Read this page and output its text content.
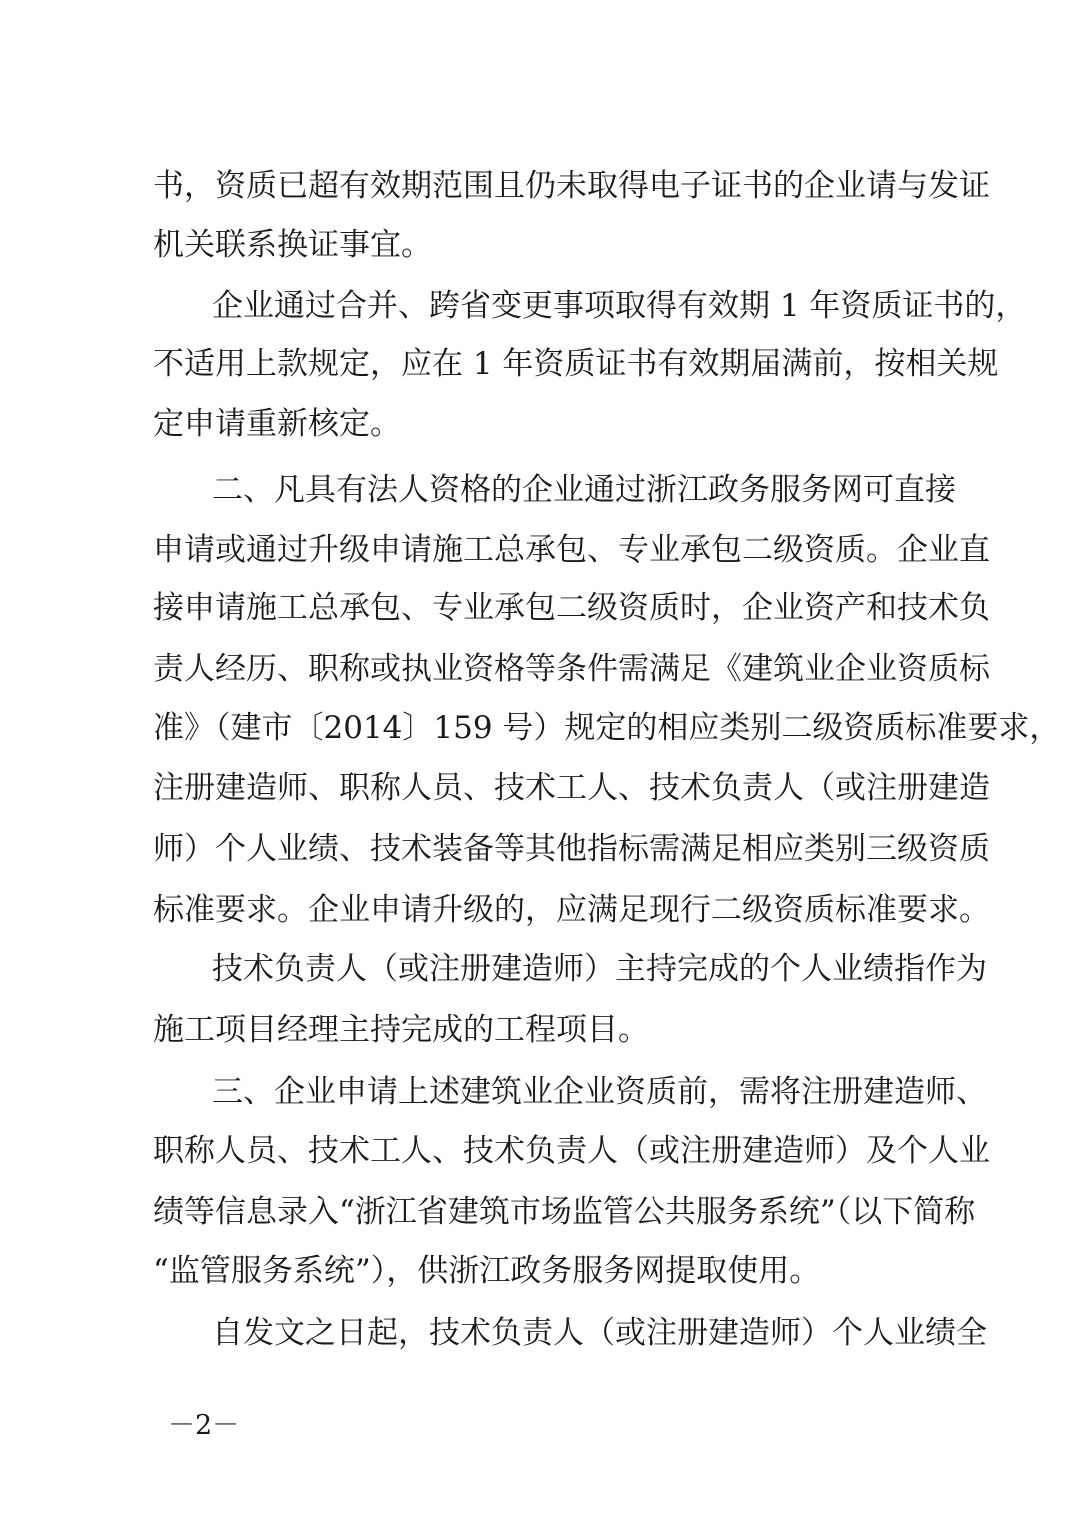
书，资质已超有效期范围且仍未取得电子证书的企业请与发证
机关联系换证事宜。
企业通过合并、跨省变更事项取得有效期 1 年资质证书的，
不适用上款规定，应在 1 年资质证书有效期届满前，按相关规
定申请重新核定。
二、凡具有法人资格的企业通过浙江政务服务网可直接
申请或通过升级申请施工总承包、专业承包二级资质。企业直
接申请施工总承包、专业承包二级资质时，企业资产和技术负
责人经历、职称或执业资格等条件需满足《建筑业企业资质标
准》（建市〔2014〕159 号）规定的相应类别二级资质标准要求，
注册建造师、职称人员、技术工人、技术负责人（或注册建造
师）个人业绩、技术装备等其他指标需满足相应类别三级资质
标准要求。企业申请升级的，应满足现行二级资质标准要求。
技术负责人（或注册建造师）主持完成的个人业绩指作为
施工项目经理主持完成的工程项目。
三、企业申请上述建筑业企业资质前，需将注册建造师、
职称人员、技术工人、技术负责人（或注册建造师）及个人业
绩等信息录入“浙江省建筑市场监管公共服务系统”（以下简称
“监管服务系统”），供浙江政务服务网提取使用。
自发文之日起，技术负责人（或注册建造师）个人业绩全
－2－
